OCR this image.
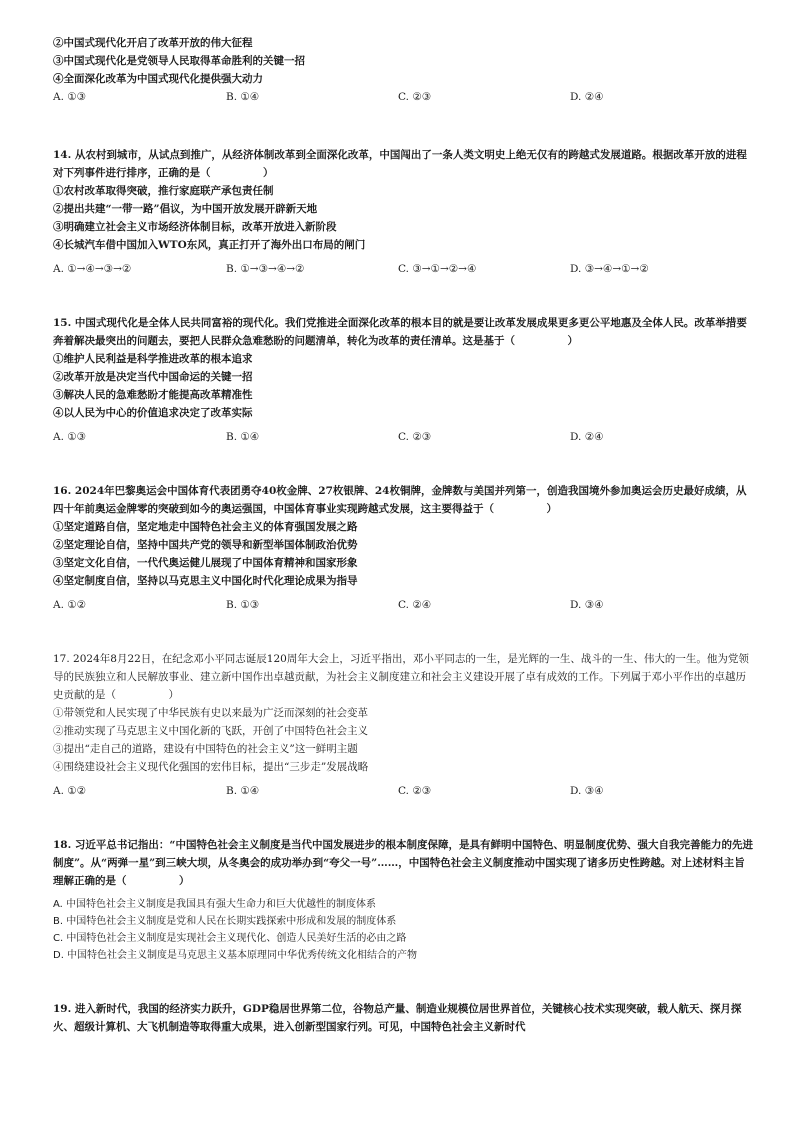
②中国式现代化开启了改革开放的伟大征程
③中国式现代化是党领导人民取得革命胜利的关键一招
④全面深化改革为中国式现代化提供强大动力
A. ①③	B. ①④	C. ②③	D. ②④
14. 从农村到城市，从试点到推广，从经济体制改革到全面深化改革，中国闯出了一条人类文明史上绝无仅有的跨越式发展道路。根据改革开放的进程对下列事件进行排序，正确的是（　　　　　）
①农村改革取得突破，推行家庭联产承包责任制
②提出共建“一带一路”倡议，为中国开放发展开辟新天地
③明确建立社会主义市场经济体制目标，改革开放进入新阶段
④长城汽车借中国加入WTO东风，真正打开了海外出口布局的闸门
A. ①→④→③→②	B. ①→③→④→②	C. ③→①→②→④	D. ③→④→①→②
15. 中国式现代化是全体人民共同富裕的现代化。我们党推进全面深化改革的根本目的就是要让改革发展成果更多更公平地惠及全体人民。改革举措要奔着解决最突出的问题去，要把人民群众急难愁盼的问题清单，转化为改革的责任清单。这是基于（　　　　　）
①维护人民利益是科学推进改革的根本追求
②改革开放是决定当代中国命运的关键一招
③解决人民的急难愁盼才能提高改革精准性
④以人民为中心的价值追求决定了改革实际
A. ①③	B. ①④	C. ②③	D. ②④
16. 2024年巴黎奥运会中国体育代表团勇夺40枚金牌、27枚银牌、24枚铜牌，金牌数与美国并列第一，创造我国境外参加奥运会历史最好成绩，从四十年前奥运金牌零的突破到如今的奥运强国，中国体育事业实现跨越式发展，这主要得益于（　　　　　）
①坚定道路自信，坚定地走中国特色社会主义的体育强国发展之路
②坚定理论自信，坚持中国共产党的领导和新型举国体制政治优势
③坚定文化自信，一代代奥运健儿展现了中国体育精神和国家形象
④坚定制度自信，坚持以马克思主义中国化时代化理论成果为指导
A. ①②	B. ①③	C. ②④	D. ③④
17. 2024年8月22日，在纪念邓小平同志诞辰120周年大会上，习近平指出，邓小平同志的一生，是光辉的一生、战斗的一生、伟大的一生。他为党领导的民族独立和人民解放事业、建立新中国作出卓越贡献，为社会主义制度建立和社会主义建设开展了卓有成效的工作。下列属于邓小平作出的卓越历史贡献的是（　　　　　）
①带领党和人民实现了中华民族有史以来最为广泛而深刻的社会变革
②推动实现了马克思主义中国化新的飞跃，开创了中国特色社会主义
③提出“走自己的道路，建设有中国特色的社会主义”这一鲜明主题
④围绕建设社会主义现代化强国的宏伟目标，提出“三步走”发展战略
A. ①②	B. ①④	C. ②③	D. ③④
18. 习近平总书记指出：“中国特色社会主义制度是当代中国发展进步的根本制度保障，是具有鲜明中国特色、明显制度优势、强大自我完善能力的先进制度”。从“两弹一星”到三峡大坝，从冬奥会的成功举办到“夸父一号”……，中国特色社会主义制度推动中国实现了诸多历史性跨越。对上述材料主旨理解正确的是（　　　　　）
A. 中国特色社会主义制度是我国具有强大生命力和巨大优越性的制度体系
B. 中国特色社会主义制度是党和人民在长期实践探索中形成和发展的制度体系
C. 中国特色社会主义制度是实现社会主义现代化、创造人民美好生活的必由之路
D. 中国特色社会主义制度是马克思主义基本原理同中华优秀传统文化相结合的产物
19. 进入新时代，我国的经济实力跃升，GDP稳居世界第二位，谷物总产量、制造业规模位居世界首位，关键核心技术实现突破，载人航天、探月探火、超级计算机、大飞机制造等取得重大成果，进入创新型国家行列。可见，中国特色社会主义新时代
